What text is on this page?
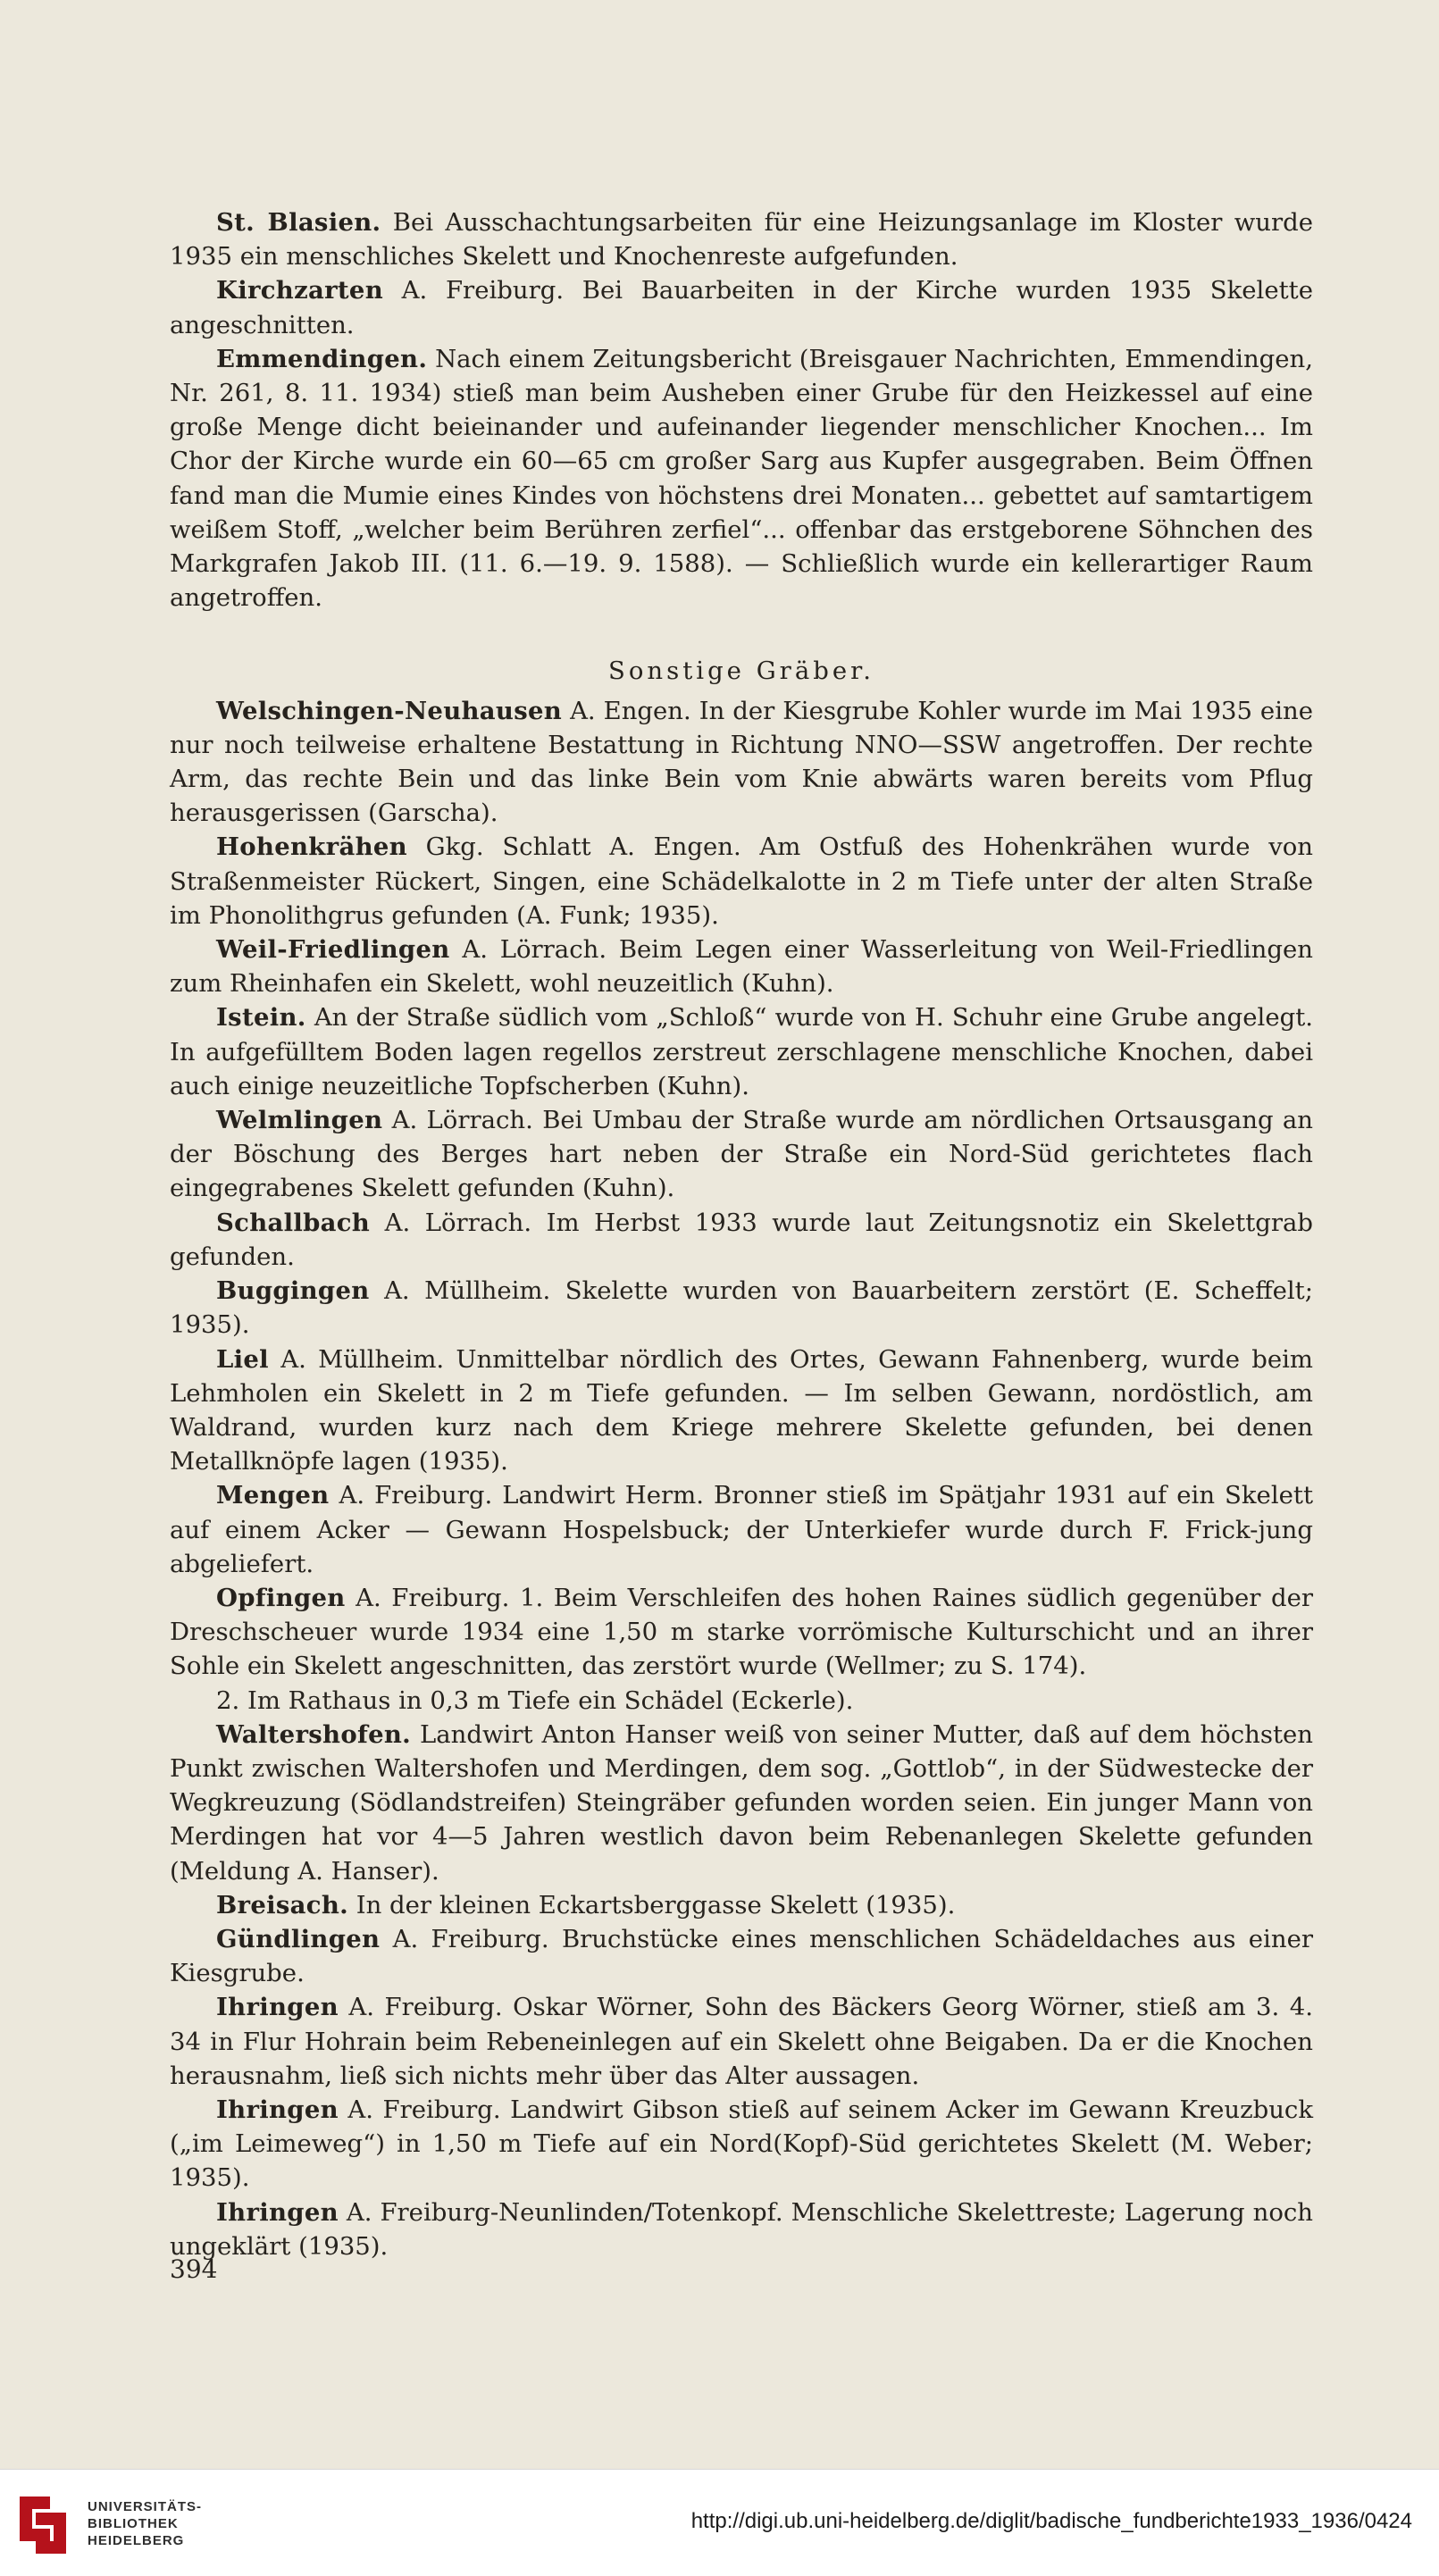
St. Blasien. Bei Ausschachtungsarbeiten für eine Heizungsanlage im Kloster wurde 1935 ein menschliches Skelett und Knochenreste aufgefunden.

Kirchzarten A. Freiburg. Bei Bauarbeiten in der Kirche wurden 1935 Skelette angeschnitten.

Emmendingen. Nach einem Zeitungsbericht (Breisgauer Nachrichten, Emmendingen, Nr. 261, 8. 11. 1934) stieß man beim Ausheben einer Grube für den Heizkessel auf eine große Menge dicht beieinander und aufeinander liegender menschlicher Knochen... Im Chor der Kirche wurde ein 60—65 cm großer Sarg aus Kupfer ausgegraben. Beim Öffnen fand man die Mumie eines Kindes von höchstens drei Monaten... gebettet auf samtartigem weißem Stoff, „welcher beim Berühren zerfiel“... offenbar das erstgeborene Söhnchen des Markgrafen Jakob III. (11. 6.—19. 9. 1588). — Schließlich wurde ein kellerartiger Raum angetroffen.

Sonstige Gräber.

Welschingen-Neuhausen A. Engen. In der Kiesgrube Kohler wurde im Mai 1935 eine nur noch teilweise erhaltene Bestattung in Richtung NNO—SSW angetroffen. Der rechte Arm, das rechte Bein und das linke Bein vom Knie abwärts waren bereits vom Pflug herausgerissen (Garscha).

Hohenkrähen Gkg. Schlatt A. Engen. Am Ostfuß des Hohenkrähen wurde von Straßenmeister Rückert, Singen, eine Schädelkalotte in 2 m Tiefe unter der alten Straße im Phonolithgrus gefunden (A. Funk; 1935).

Weil-Friedlingen A. Lörrach. Beim Legen einer Wasserleitung von Weil-Friedlingen zum Rheinhafen ein Skelett, wohl neuzeitlich (Kuhn).

Istein. An der Straße südlich vom „Schloß“ wurde von H. Schuhr eine Grube angelegt. In aufgefülltem Boden lagen regellos zerstreut zerschlagene menschliche Knochen, dabei auch einige neuzeitliche Topfscherben (Kuhn).

Welmlingen A. Lörrach. Bei Umbau der Straße wurde am nördlichen Ortsausgang an der Böschung des Berges hart neben der Straße ein Nord-Süd gerichtetes flach eingegrabenes Skelett gefunden (Kuhn).

Schallbach A. Lörrach. Im Herbst 1933 wurde laut Zeitungsnotiz ein Skelettgrab gefunden.

Buggingen A. Müllheim. Skelette wurden von Bauarbeitern zerstört (E. Scheffelt; 1935).

Liel A. Müllheim. Unmittelbar nördlich des Ortes, Gewann Fahnenberg, wurde beim Lehmholen ein Skelett in 2 m Tiefe gefunden. — Im selben Gewann, nordöstlich, am Waldrand, wurden kurz nach dem Kriege mehrere Skelette gefunden, bei denen Metallknöpfe lagen (1935).

Mengen A. Freiburg. Landwirt Herm. Bronner stieß im Spätjahr 1931 auf ein Skelett auf einem Acker — Gewann Hospelsbuck; der Unterkiefer wurde durch F. Frick-jung abgeliefert.

Opfingen A. Freiburg. 1. Beim Verschleifen des hohen Raines südlich gegenüber der Dreschscheuer wurde 1934 eine 1,50 m starke vorrömische Kulturschicht und an ihrer Sohle ein Skelett angeschnitten, das zerstört wurde (Wellmer; zu S. 174).

2. Im Rathaus in 0,3 m Tiefe ein Schädel (Eckerle).

Waltershofen. Landwirt Anton Hanser weiß von seiner Mutter, daß auf dem höchsten Punkt zwischen Waltershofen und Merdingen, dem sog. „Gottlob“, in der Südwestecke der Wegkreuzung (Södlandstreifen) Steingräber gefunden worden seien. Ein junger Mann von Merdingen hat vor 4—5 Jahren westlich davon beim Rebenanlegen Skelette gefunden (Meldung A. Hanser).

Breisach. In der kleinen Eckartsberggasse Skelett (1935).

Gündlingen A. Freiburg. Bruchstücke eines menschlichen Schädeldaches aus einer Kiesgrube.

Ihringen A. Freiburg. Oskar Wörner, Sohn des Bäckers Georg Wörner, stieß am 3. 4. 34 in Flur Hohrain beim Rebeneinlegen auf ein Skelett ohne Beigaben. Da er die Knochen herausnahm, ließ sich nichts mehr über das Alter aussagen.

Ihringen A. Freiburg. Landwirt Gibson stieß auf seinem Acker im Gewann Kreuzbuck („im Leimeweg“) in 1,50 m Tiefe auf ein Nord(Kopf)-Süd gerichtetes Skelett (M. Weber; 1935).

Ihringen A. Freiburg-Neunlinden/Totenkopf. Menschliche Skelettreste; Lagerung noch ungeklärt (1935).

394
UNIVERSITÄTS-
BIBLIOTHEK
HEIDELBERG
http://digi.ub.uni-heidelberg.de/diglit/badische_fundberichte1933_1936/0424
